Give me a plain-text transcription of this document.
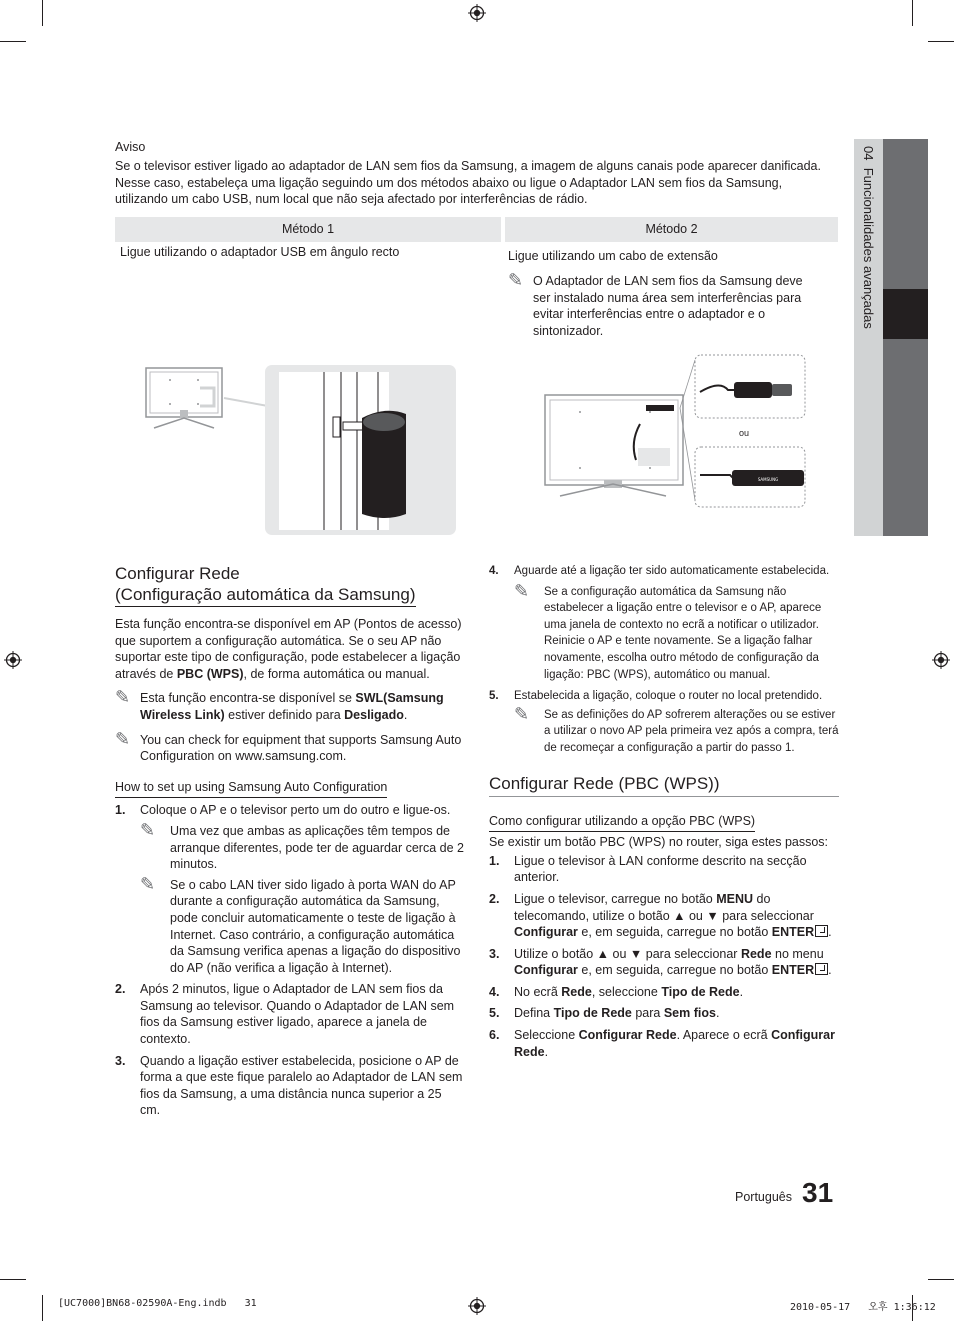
04  Funcionalidades avançadas
Aviso
Se o televisor estiver ligado ao adaptador de LAN sem fios da Samsung, a imagem de alguns canais pode aparecer danificada. Nesse caso, estabeleça uma ligação seguindo um dos métodos abaixo ou ligue o Adaptador LAN sem fios da Samsung, utilizando um cabo USB, num local que não seja afectado por interferências de rádio.
Método 1	Método 2
Ligue utilizando o adaptador USB em ângulo recto	Ligue utilizando um cabo de extensão
✎ O Adaptador de LAN sem fios da Samsung deve ser instalado numa área sem interferências para evitar interferências entre o adaptador e o sintonizador.
SAMSUNG
ou
Configurar Rede
(Configuração automática da Samsung)
Esta função encontra-se disponível em AP (Pontos de acesso) que suportem a configuração automática. Se o seu AP não suportar este tipo de configuração, pode estabelecer a ligação através de PBC (WPS), de forma automática ou manual.
✎ Esta função encontra-se disponível se SWL(Samsung Wireless Link) estiver definido para Desligado.
✎ You can check for equipment that supports Samsung Auto Configuration on www.samsung.com.
How to set up using Samsung Auto Configuration
1. Coloque o AP e o televisor perto um do outro e ligue-os.
✎ Uma vez que ambas as aplicações têm tempos de arranque diferentes, pode ter de aguardar cerca de 2 minutos.
✎ Se o cabo LAN tiver sido ligado à porta WAN do AP durante a configuração automática da Samsung, pode concluir automaticamente o teste de ligação à Internet. Caso contrário, a configuração automática da Samsung verifica apenas a ligação do dispositivo do AP (não verifica a ligação à Internet).
2. Após 2 minutos, ligue o Adaptador de LAN sem fios da Samsung ao televisor. Quando o Adaptador de LAN sem fios da Samsung estiver ligado, aparece a janela de contexto.
3. Quando a ligação estiver estabelecida, posicione o AP de forma a que este fique paralelo ao Adaptador de LAN sem fios da Samsung, a uma distância nunca superior a 25 cm.
4. Aguarde até a ligação ter sido automaticamente estabelecida.
✎ Se a configuração automática da Samsung não estabelecer a ligação entre o televisor e o AP, aparece uma janela de contexto no ecrã a notificar o utilizador. Reinicie o AP e tente novamente. Se a ligação falhar novamente, escolha outro método de configuração da ligação: PBC (WPS), automático ou manual.
5. Estabelecida a ligação, coloque o router no local pretendido.
✎ Se as definições do AP sofrerem alterações ou se estiver a utilizar o novo AP pela primeira vez após a compra, terá de recomeçar a configuração a partir do passo 1.
Configurar Rede (PBC (WPS))
Como configurar utilizando a opção PBC (WPS)
Se existir um botão PBC (WPS) no router, siga estes passos:
1. Ligue o televisor à LAN conforme descrito na secção anterior.
2. Ligue o televisor, carregue no botão MENU do telecomando, utilize o botão ▲ ou ▼ para seleccionar Configurar e, em seguida, carregue no botão ENTER .
3. Utilize o botão ▲ ou ▼ para seleccionar Rede no menu Configurar e, em seguida, carregue no botão ENTER .
4. No ecrã Rede, seleccione Tipo de Rede.
5. Defina Tipo de Rede para Sem fios.
6. Seleccione Configurar Rede. Aparece o ecrã Configurar Rede.
Português 31
[UC7000]BN68-02590A-Eng.indb   31	2010-05-17   오후 1:36:12
